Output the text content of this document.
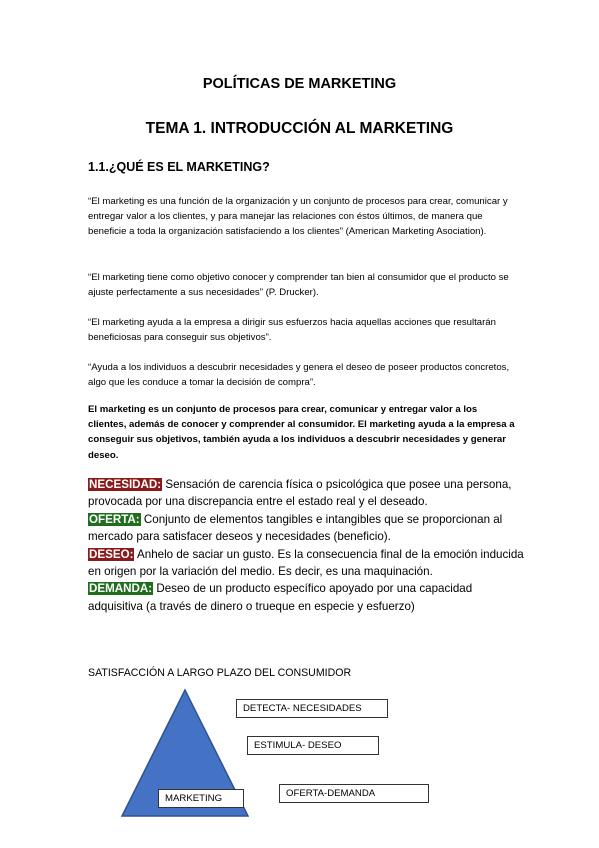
POLÍTICAS DE MARKETING
TEMA 1. INTRODUCCIÓN AL MARKETING
1.1.¿QUÉ ES EL MARKETING?
“El marketing es una función de la organización y un conjunto de procesos para crear, comunicar y entregar valor a los clientes, y para manejar las relaciones con éstos últimos, de manera que beneficie a toda la organización satisfaciendo a los clientes” (American Marketing Asociation).
“El marketing tiene como objetivo conocer y comprender tan bien al consumidor que el producto se ajuste perfectamente a sus necesidades” (P. Drucker).
“El marketing ayuda a la empresa a dirigir sus esfuerzos hacia aquellas acciones que resultarán beneficiosas para conseguir sus objetivos”.
“Ayuda a los individuos a descubrir necesidades y genera el deseo de poseer productos concretos, algo que les conduce a tomar la decisión de compra”.
El marketing es un conjunto de procesos para crear, comunicar y entregar valor a los clientes, además de conocer y comprender al consumidor. El marketing ayuda a la empresa a conseguir sus objetivos, también ayuda a los individuos a descubrir necesidades y generar deseo.
NECESIDAD: Sensación de carencia física o psicológica que posee una persona, provocada por una discrepancia entre el estado real y el deseado.
OFERTA: Conjunto de elementos tangibles e intangibles que se proporcionan al mercado para satisfacer deseos y necesidades (beneficio).
DESEO: Anhelo de saciar un gusto. Es la consecuencia final de la emoción inducida en origen por la variación del medio. Es decir, es una maquinación.
DEMANDA: Deseo de un producto específico apoyado por una capacidad adquisitiva (a través de dinero o trueque en especie y esfuerzo)
SATISFACCIÓN A LARGO PLAZO DEL CONSUMIDOR
DETECTA- NECESIDADES
ESTIMULA- DESEO
OFERTA-DEMANDA
MARKETING
